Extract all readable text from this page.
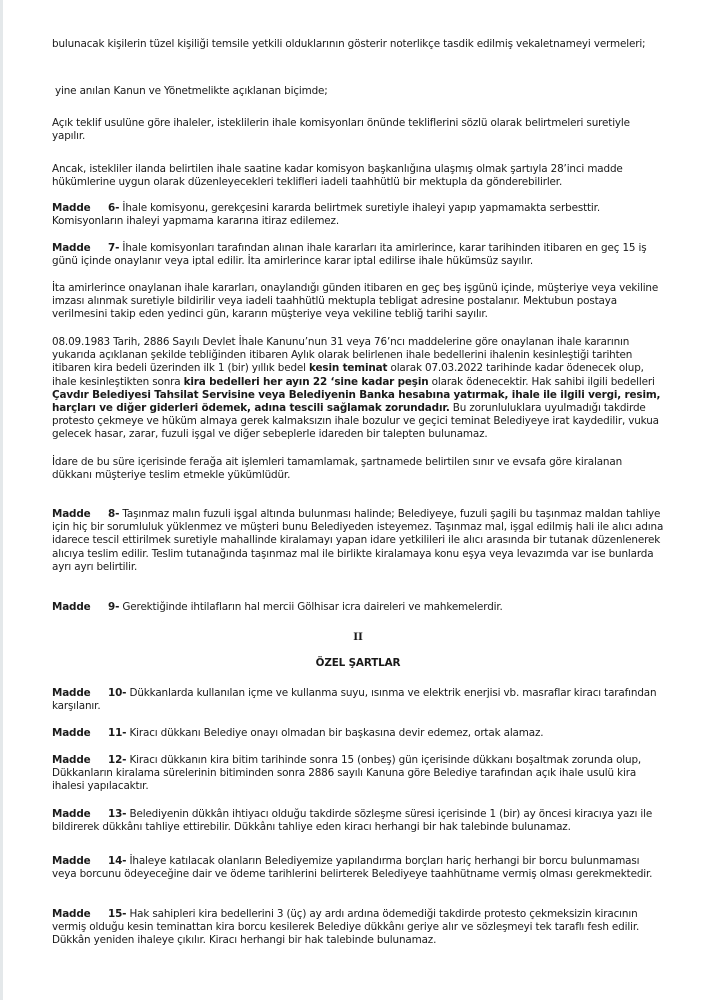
bulunacak kişilerin tüzel kişiliği temsile yetkili olduklarının gösterir noterlikçe tasdik edilmiş vekaletnameyi vermeleri;

yine anılan Kanun ve Yönetmelikte açıklanan biçimde;

Açık teklif usulüne göre ihaleler, isteklilerin ihale komisyonları önünde tekliflerini sözlü olarak belirtmeleri suretiyle yapılır.

Ancak, istekliler ilanda belirtilen ihale saatine kadar komisyon başkanlığına ulaşmış olmak şartıyla 28’inci madde hükümlerine uygun olarak düzenleyecekleri teklifleri iadeli taahhütlü bir mektupla da gönderebilirler.

Madde 6- İhale komisyonu, gerekçesini kararda belirtmek suretiyle ihaleyi yapıp yapmamakta serbesttir. Komisyonların ihaleyi yapmama kararına itiraz edilemez.

Madde 7- İhale komisyonları tarafından alınan ihale kararları ita amirlerince, karar tarihinden itibaren en geç 15 iş günü içinde onaylanır veya iptal edilir. İta amirlerince karar iptal edilirse ihale hükümsüz sayılır.

İta amirlerince onaylanan ihale kararları, onaylandığı günden itibaren en geç beş işgünü içinde, müşteriye veya vekiline imzası alınmak suretiyle bildirilir veya iadeli taahhütlü mektupla tebligat adresine postalanır. Mektubun postaya verilmesini takip eden yedinci gün, kararın müşteriye veya vekiline tebliğ tarihi sayılır.

08.09.1983 Tarih, 2886 Sayılı Devlet İhale Kanunu’nun 31 veya 76’ncı maddelerine göre onaylanan ihale kararının yukarıda açıklanan şekilde tebliğinden itibaren Aylık olarak belirlenen ihale bedellerini ihalenin kesinleştiği tarihten itibaren kira bedeli üzerinden ilk 1 (bir) yıllık bedel kesin teminat olarak 07.03.2022 tarihinde kadar ödenecek olup, ihale kesinleştikten sonra kira bedelleri her ayın 22 ‘sine kadar peşin olarak ödenecektir. Hak sahibi ilgili bedelleri Çavdır Belediyesi Tahsilat Servisine veya Belediyenin Banka hesabına yatırmak, ihale ile ilgili vergi, resim, harçları ve diğer giderleri ödemek, adına tescili sağlamak zorundadır. Bu zorunluluklara uyulmadığı takdirde protesto çekmeye ve hüküm almaya gerek kalmaksızın ihale bozulur ve geçici teminat Belediyeye irat kaydedilir, vukua gelecek hasar, zarar, fuzuli işgal ve diğer sebeplerle idareden bir talepten bulunamaz.

İdare de bu süre içerisinde ferağa ait işlemleri tamamlamak, şartnamede belirtilen sınır ve evsafa göre kiralanan dükkanı müşteriye teslim etmekle yükümlüdür.

Madde 8- Taşınmaz malın fuzuli işgal altında bulunması halinde; Belediyeye, fuzuli şagili bu taşınmaz maldan tahliye için hiç bir sorumluluk yüklenmez ve müşteri bunu Belediyeden isteyemez. Taşınmaz mal, işgal edilmiş hali ile alıcı adına idarece tescil ettirilmek suretiyle mahallinde kiralamayı yapan idare yetkilileri ile alıcı arasında bir tutanak düzenlenerek alıcıya teslim edilir. Teslim tutanağında taşınmaz mal ile birlikte kiralamaya konu eşya veya levazımda var ise bunlarda ayrı ayrı belirtilir.

Madde 9- Gerektiğinde ihtilafların hal mercii Gölhisar icra daireleri ve mahkemelerdir.

II

ÖZEL ŞARTLAR

Madde 10- Dükkanlarda kullanılan içme ve kullanma suyu, ısınma ve elektrik enerjisi vb. masraflar kiracı tarafından karşılanır.

Madde 11- Kiracı dükkanı Belediye onayı olmadan bir başkasına devir edemez, ortak alamaz.

Madde 12- Kiracı dükkanın kira bitim tarihinde sonra 15 (onbeş) gün içerisinde dükkanı boşaltmak zorunda olup, Dükkanların kiralama sürelerinin bitiminden sonra 2886 sayılı Kanuna göre Belediye tarafından açık ihale usulü kira ihalesi yapılacaktır.

Madde 13- Belediyenin dükkân ihtiyacı olduğu takdirde sözleşme süresi içerisinde 1 (bir) ay öncesi kiracıya yazı ile bildirerek dükkânı tahliye ettirebilir. Dükkânı tahliye eden kiracı herhangi bir hak talebinde bulunamaz.

Madde 14- İhaleye katılacak olanların Belediyemize yapılandırma borçları hariç herhangi bir borcu bulunmaması veya borcunu ödeyeceğine dair ve ödeme tarihlerini belirterek Belediyeye taahhütname vermiş olması gerekmektedir.

Madde 15- Hak sahipleri kira bedellerini 3 (üç) ay ardı ardına ödemediği takdirde protesto çekmeksizin kiracının vermiş olduğu kesin teminattan kira borcu kesilerek Belediye dükkânı geriye alır ve sözleşmeyi tek taraflı fesh edilir. Dükkân yeniden ihaleye çıkılır. Kiracı herhangi bir hak talebinde bulunamaz.
